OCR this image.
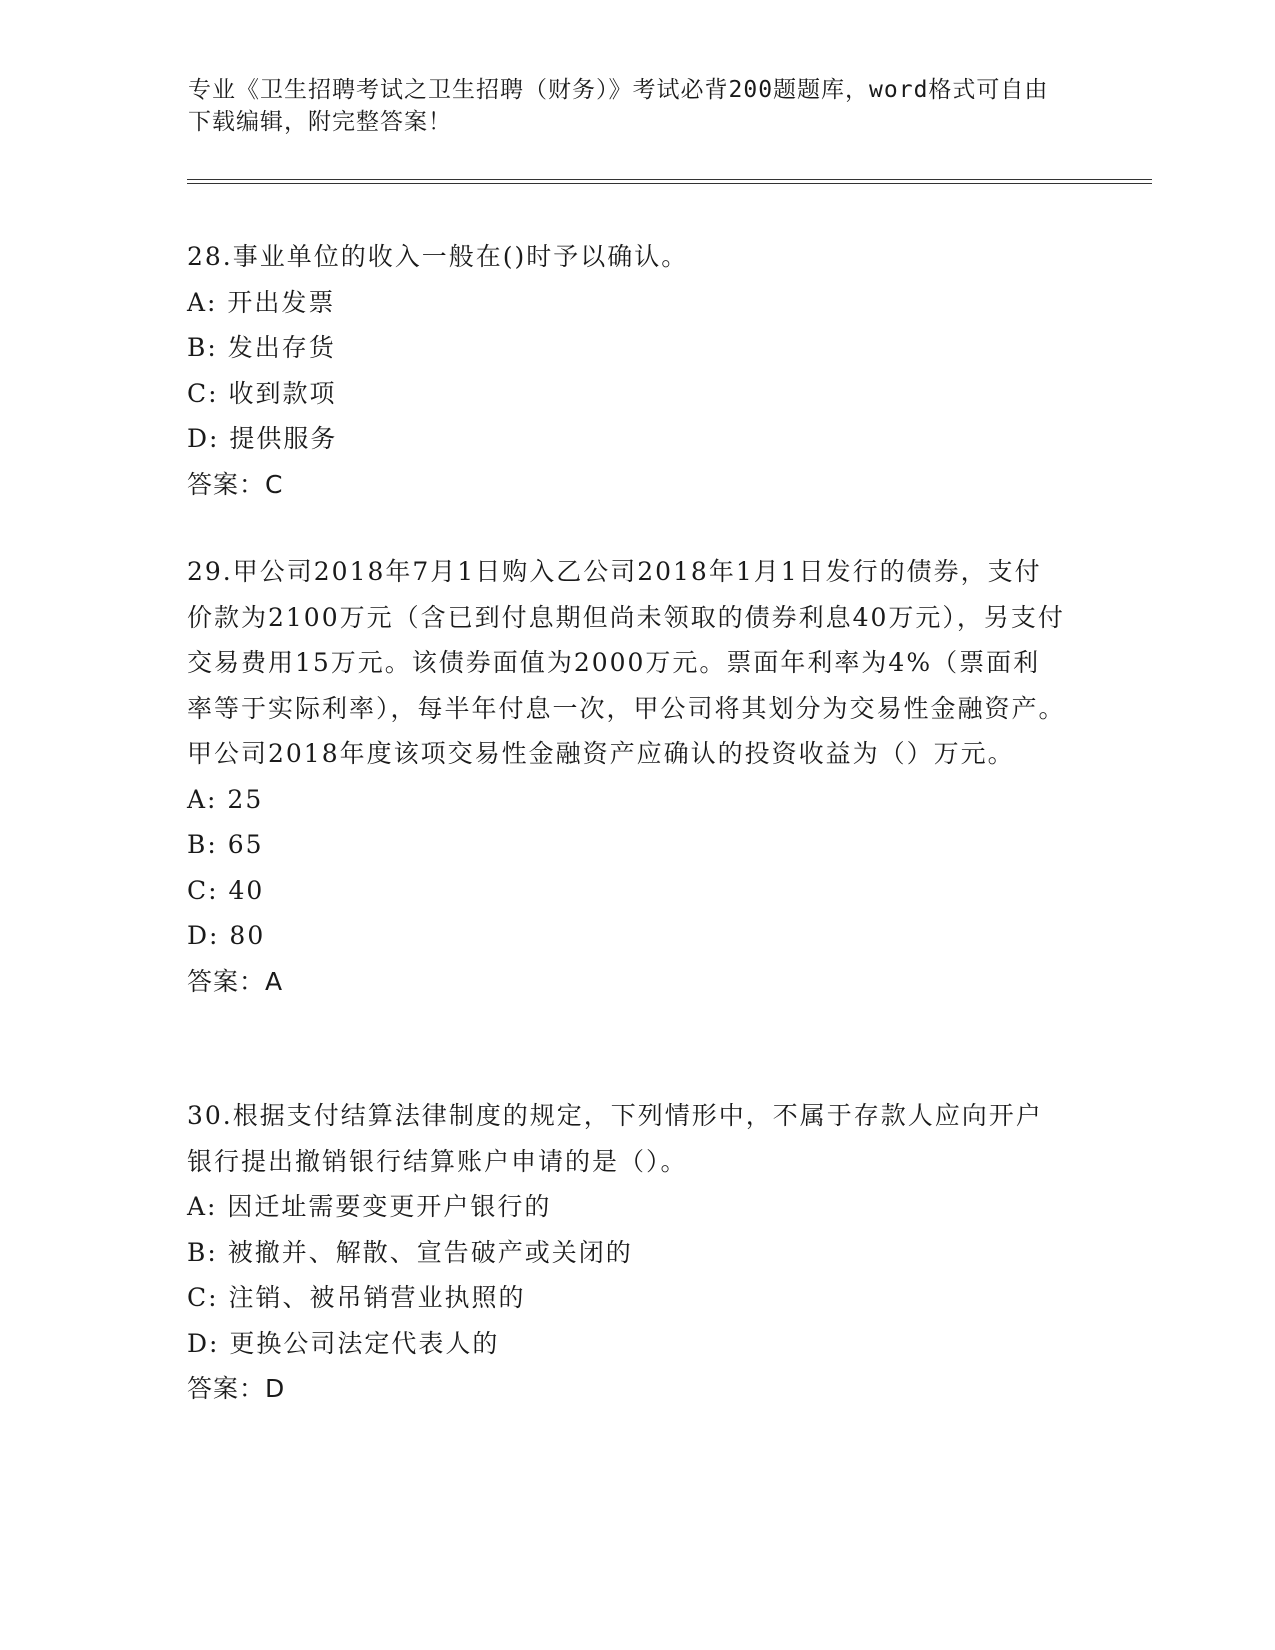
专业《卫生招聘考试之卫生招聘（财务）》考试必背200题题库，word格式可自由下载编辑，附完整答案！

28.事业单位的收入一般在()时予以确认。

A: 开出发票

B: 发出存货

C: 收到款项

D: 提供服务

答案：C

29.甲公司2018年7月1日购入乙公司2018年1月1日发行的债券，支付价款为2100万元（含已到付息期但尚未领取的债券利息40万元），另支付交易费用15万元。该债券面值为2000万元。票面年利率为4%（票面利率等于实际利率），每半年付息一次，甲公司将其划分为交易性金融资产。甲公司2018年度该项交易性金融资产应确认的投资收益为（）万元。

A: 25

B: 65

C: 40

D: 80

答案：A

30.根据支付结算法律制度的规定，下列情形中，不属于存款人应向开户银行提出撤销银行结算账户申请的是（）。

A: 因迁址需要变更开户银行的

B: 被撤并、解散、宣告破产或关闭的

C: 注销、被吊销营业执照的

D: 更换公司法定代表人的

答案：D
